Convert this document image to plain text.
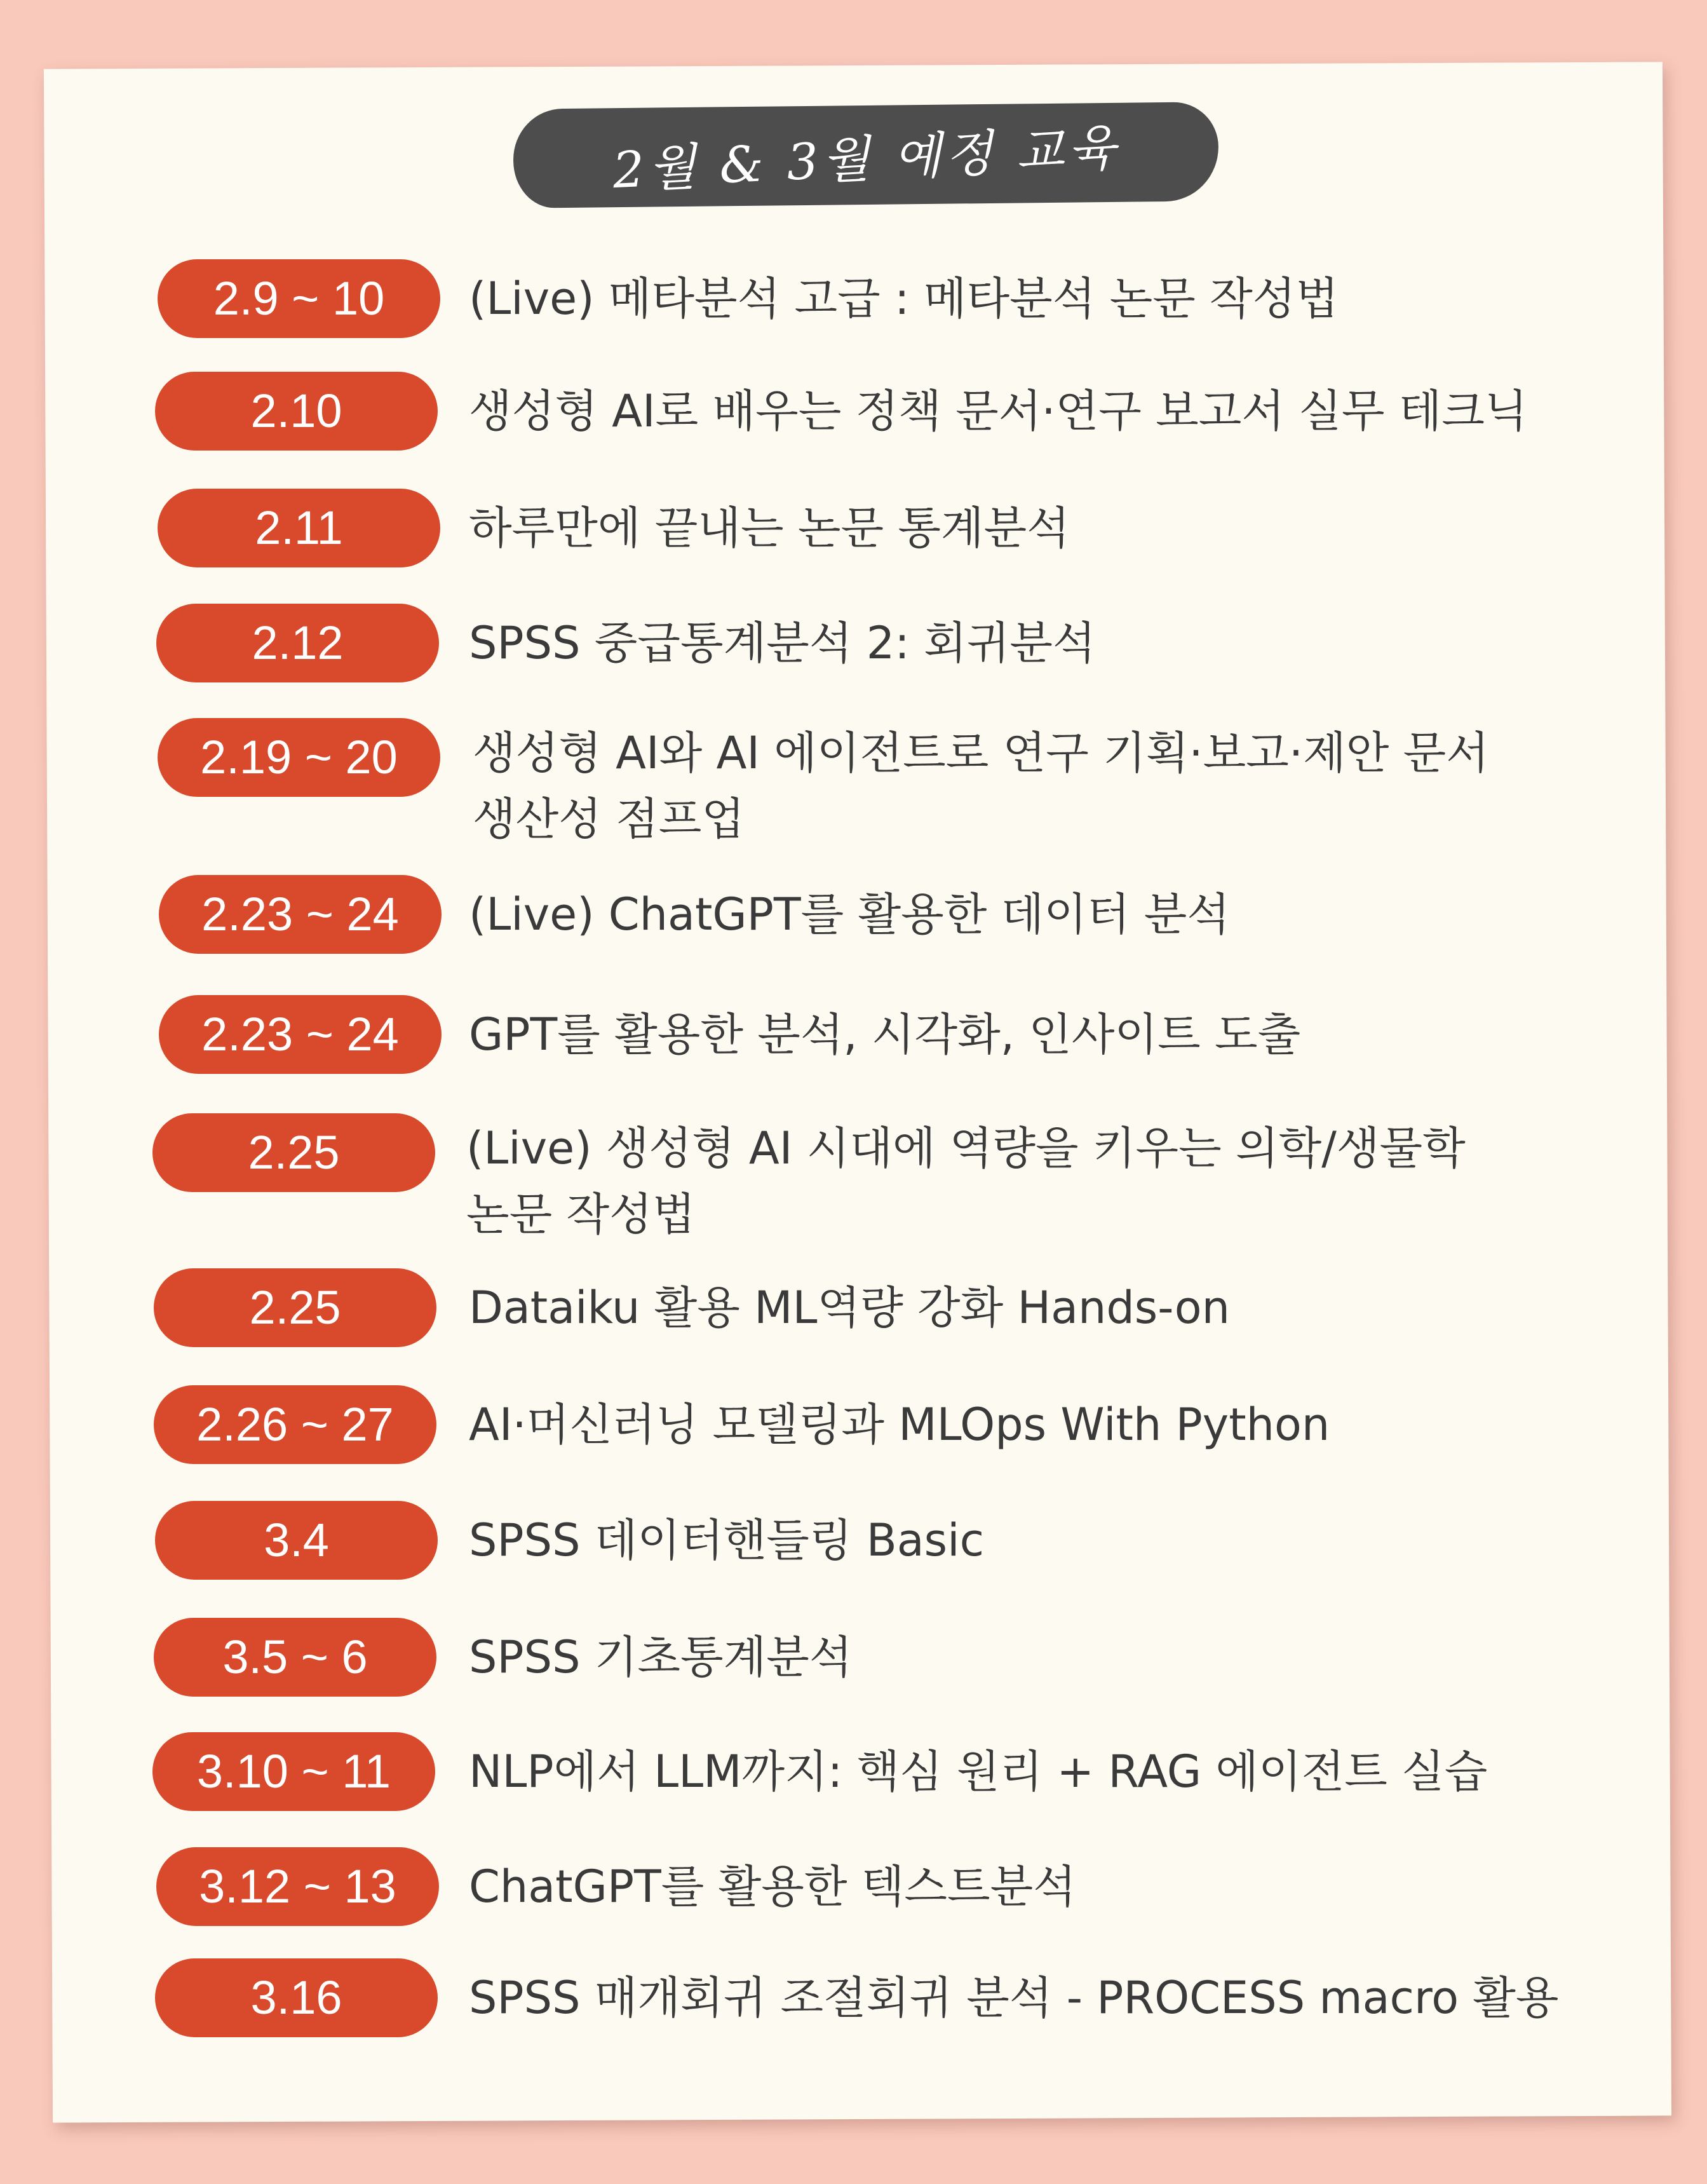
2월 & 3월 예정 교육
2.9 ~ 10	(Live) 메타분석 고급 : 메타분석 논문 작성법
2.10	생성형 AI로 배우는 정책 문서·연구 보고서 실무 테크닉
2.11	하루만에 끝내는 논문 통계분석
2.12	SPSS 중급통계분석 2: 회귀분석
2.19 ~ 20	생성형 AI와 AI 에이전트로 연구 기획·보고·제안 문서 생산성 점프업
2.23 ~ 24	(Live) ChatGPT를 활용한 데이터 분석
2.23 ~ 24	GPT를 활용한 분석, 시각화, 인사이트 도출
2.25	(Live) 생성형 AI 시대에 역량을 키우는 의학/생물학 논문 작성법
2.25	Dataiku 활용 ML역량 강화 Hands-on
2.26 ~ 27	AI·머신러닝 모델링과 MLOps With Python
3.4	SPSS 데이터핸들링 Basic
3.5 ~ 6	SPSS 기초통계분석
3.10 ~ 11	NLP에서 LLM까지: 핵심 원리 + RAG 에이전트 실습
3.12 ~ 13	ChatGPT를 활용한 텍스트분석
3.16	SPSS 매개회귀 조절회귀 분석 - PROCESS macro 활용
